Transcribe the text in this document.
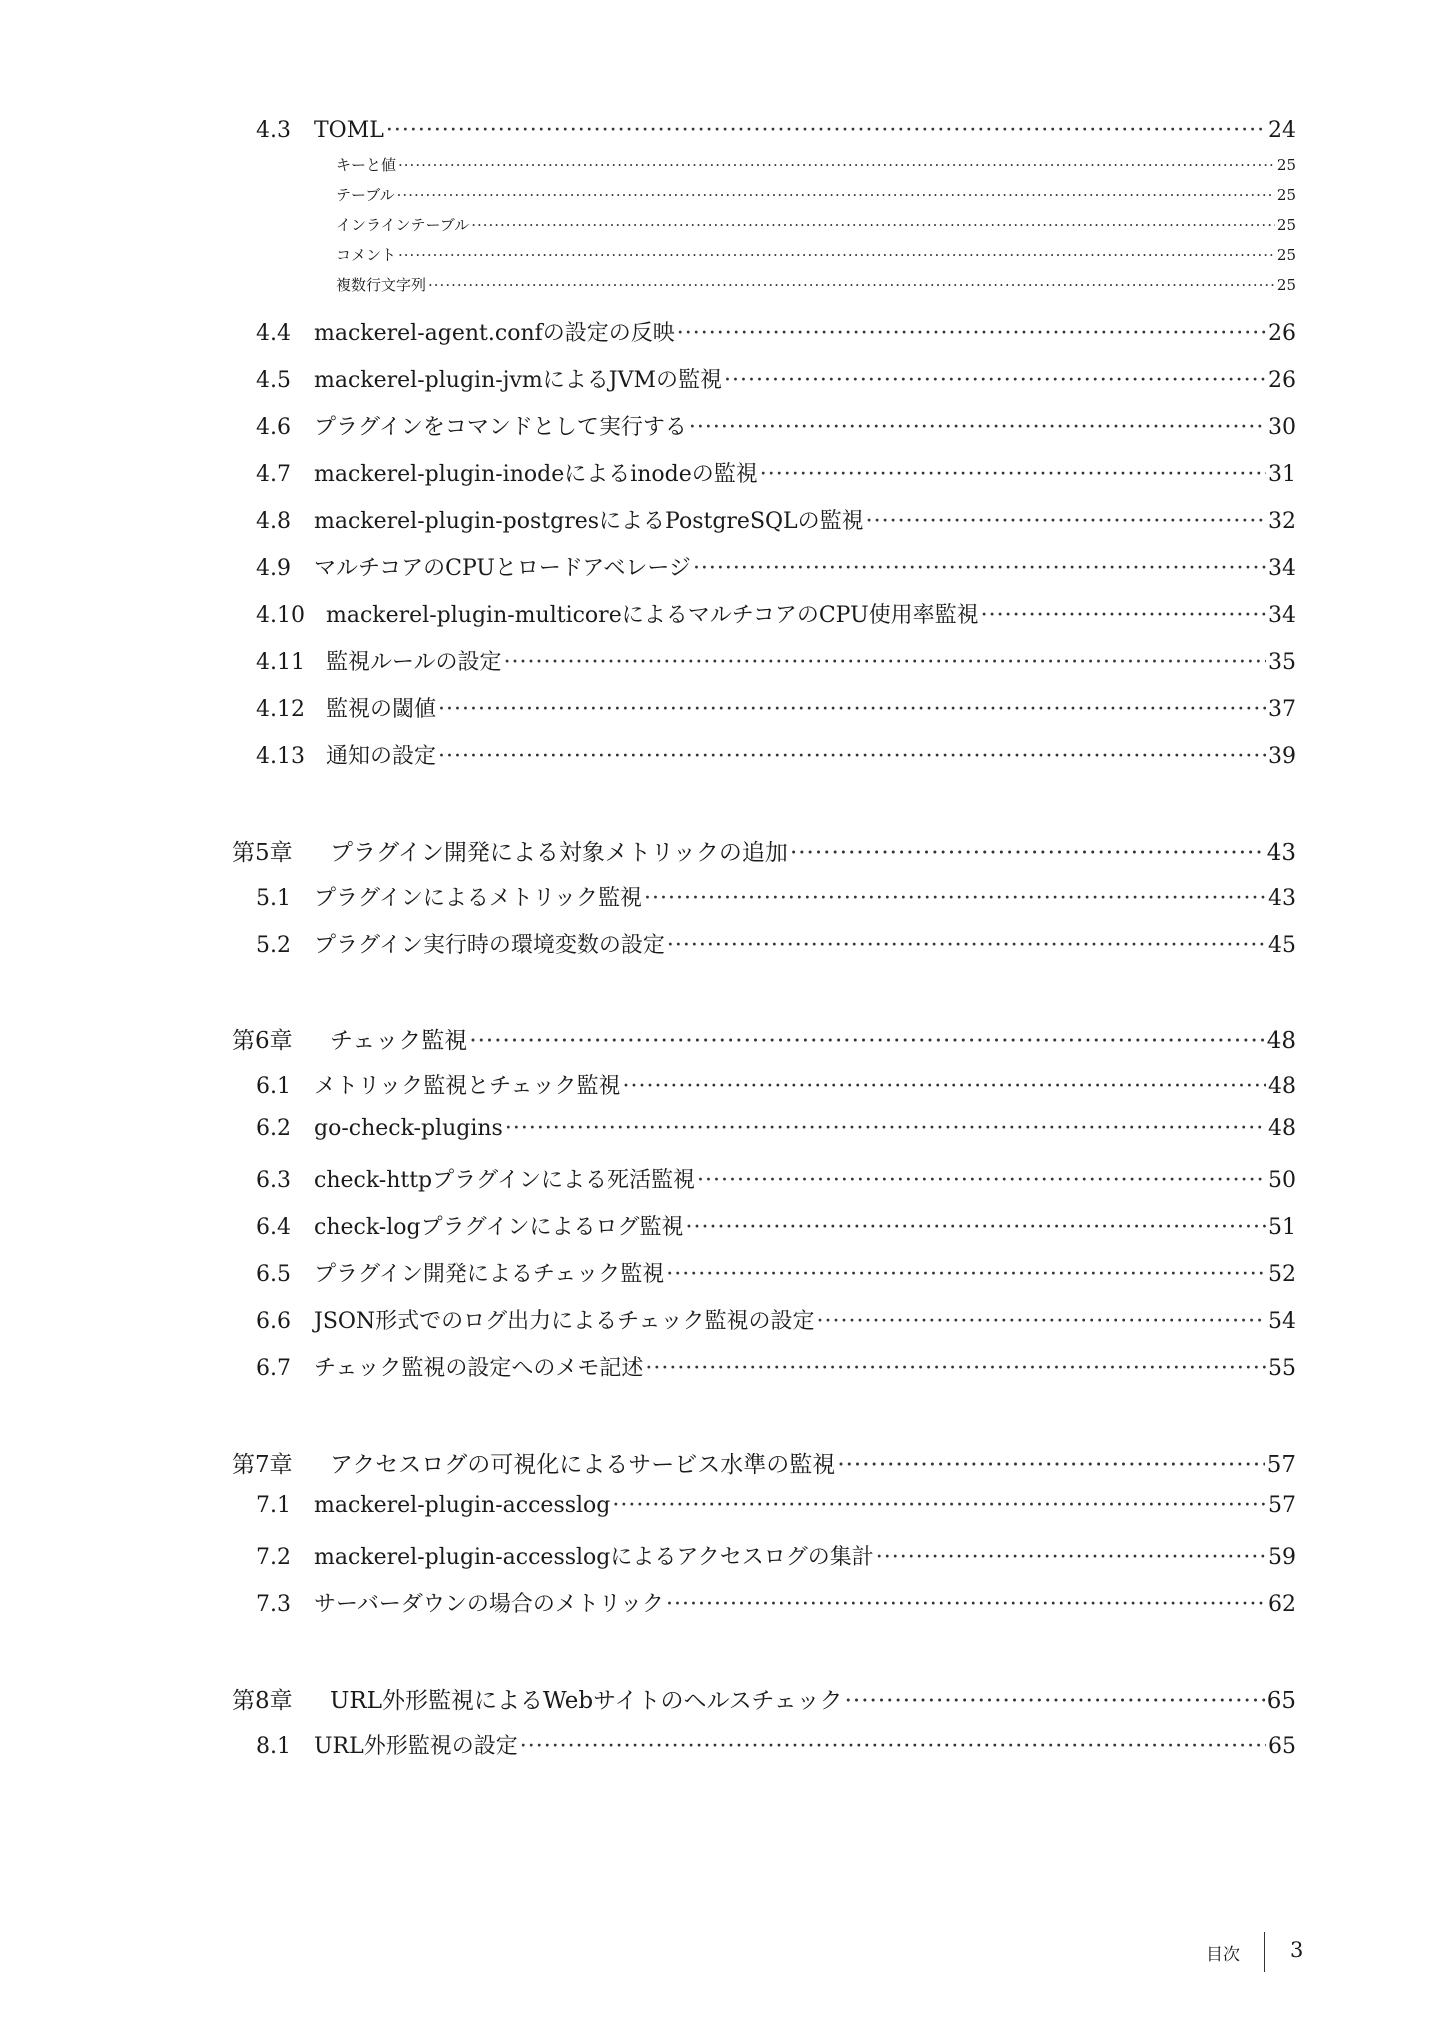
4.3	TOML ·····	24
キーと値 ·····	25
テーブル ·····	25
インラインテーブル ·····	25
コメント ·····	25
複数行文字列 ·····	25
4.4	mackerel-agent.confの設定の反映 ·····	26
4.5	mackerel-plugin-jvmによるJVMの監視 ·····	26
4.6	プラグインをコマンドとして実行する ·····	30
4.7	mackerel-plugin-inodeによるinodeの監視 ·····	31
4.8	mackerel-plugin-postgresによるPostgreSQLの監視 ·····	32
4.9	マルチコアのCPUとロードアベレージ ·····	34
4.10 mackerel-plugin-multicoreによるマルチコアのCPU使用率監視 ·····	34
4.11 監視ルールの設定 ·····	35
4.12 監視の閾値 ·····	37
4.13 通知の設定 ·····	39
第5章	プラグイン開発による対象メトリックの追加 ·····	43
5.1	プラグインによるメトリック監視 ·····	43
5.2	プラグイン実行時の環境変数の設定 ·····	45
第6章	チェック監視 ·····	48
6.1	メトリック監視とチェック監視 ·····	48
6.2	go-check-plugins ·····	48
6.3	check-httpプラグインによる死活監視 ·····	50
6.4	check-logプラグインによるログ監視 ·····	51
6.5	プラグイン開発によるチェック監視 ·····	52
6.6	JSON形式でのログ出力によるチェック監視の設定 ·····	54
6.7	チェック監視の設定へのメモ記述 ·····	55
第7章	アクセスログの可視化によるサービス水準の監視 ·····	57
7.1	mackerel-plugin-accesslog ·····	57
7.2	mackerel-plugin-accesslogによるアクセスログの集計 ·····	59
7.3	サーバーダウンの場合のメトリック ·····	62
第8章	URL外形監視によるWebサイトのヘルスチェック ·····	65
8.1	URL外形監視の設定 ·····	65
目次 3
